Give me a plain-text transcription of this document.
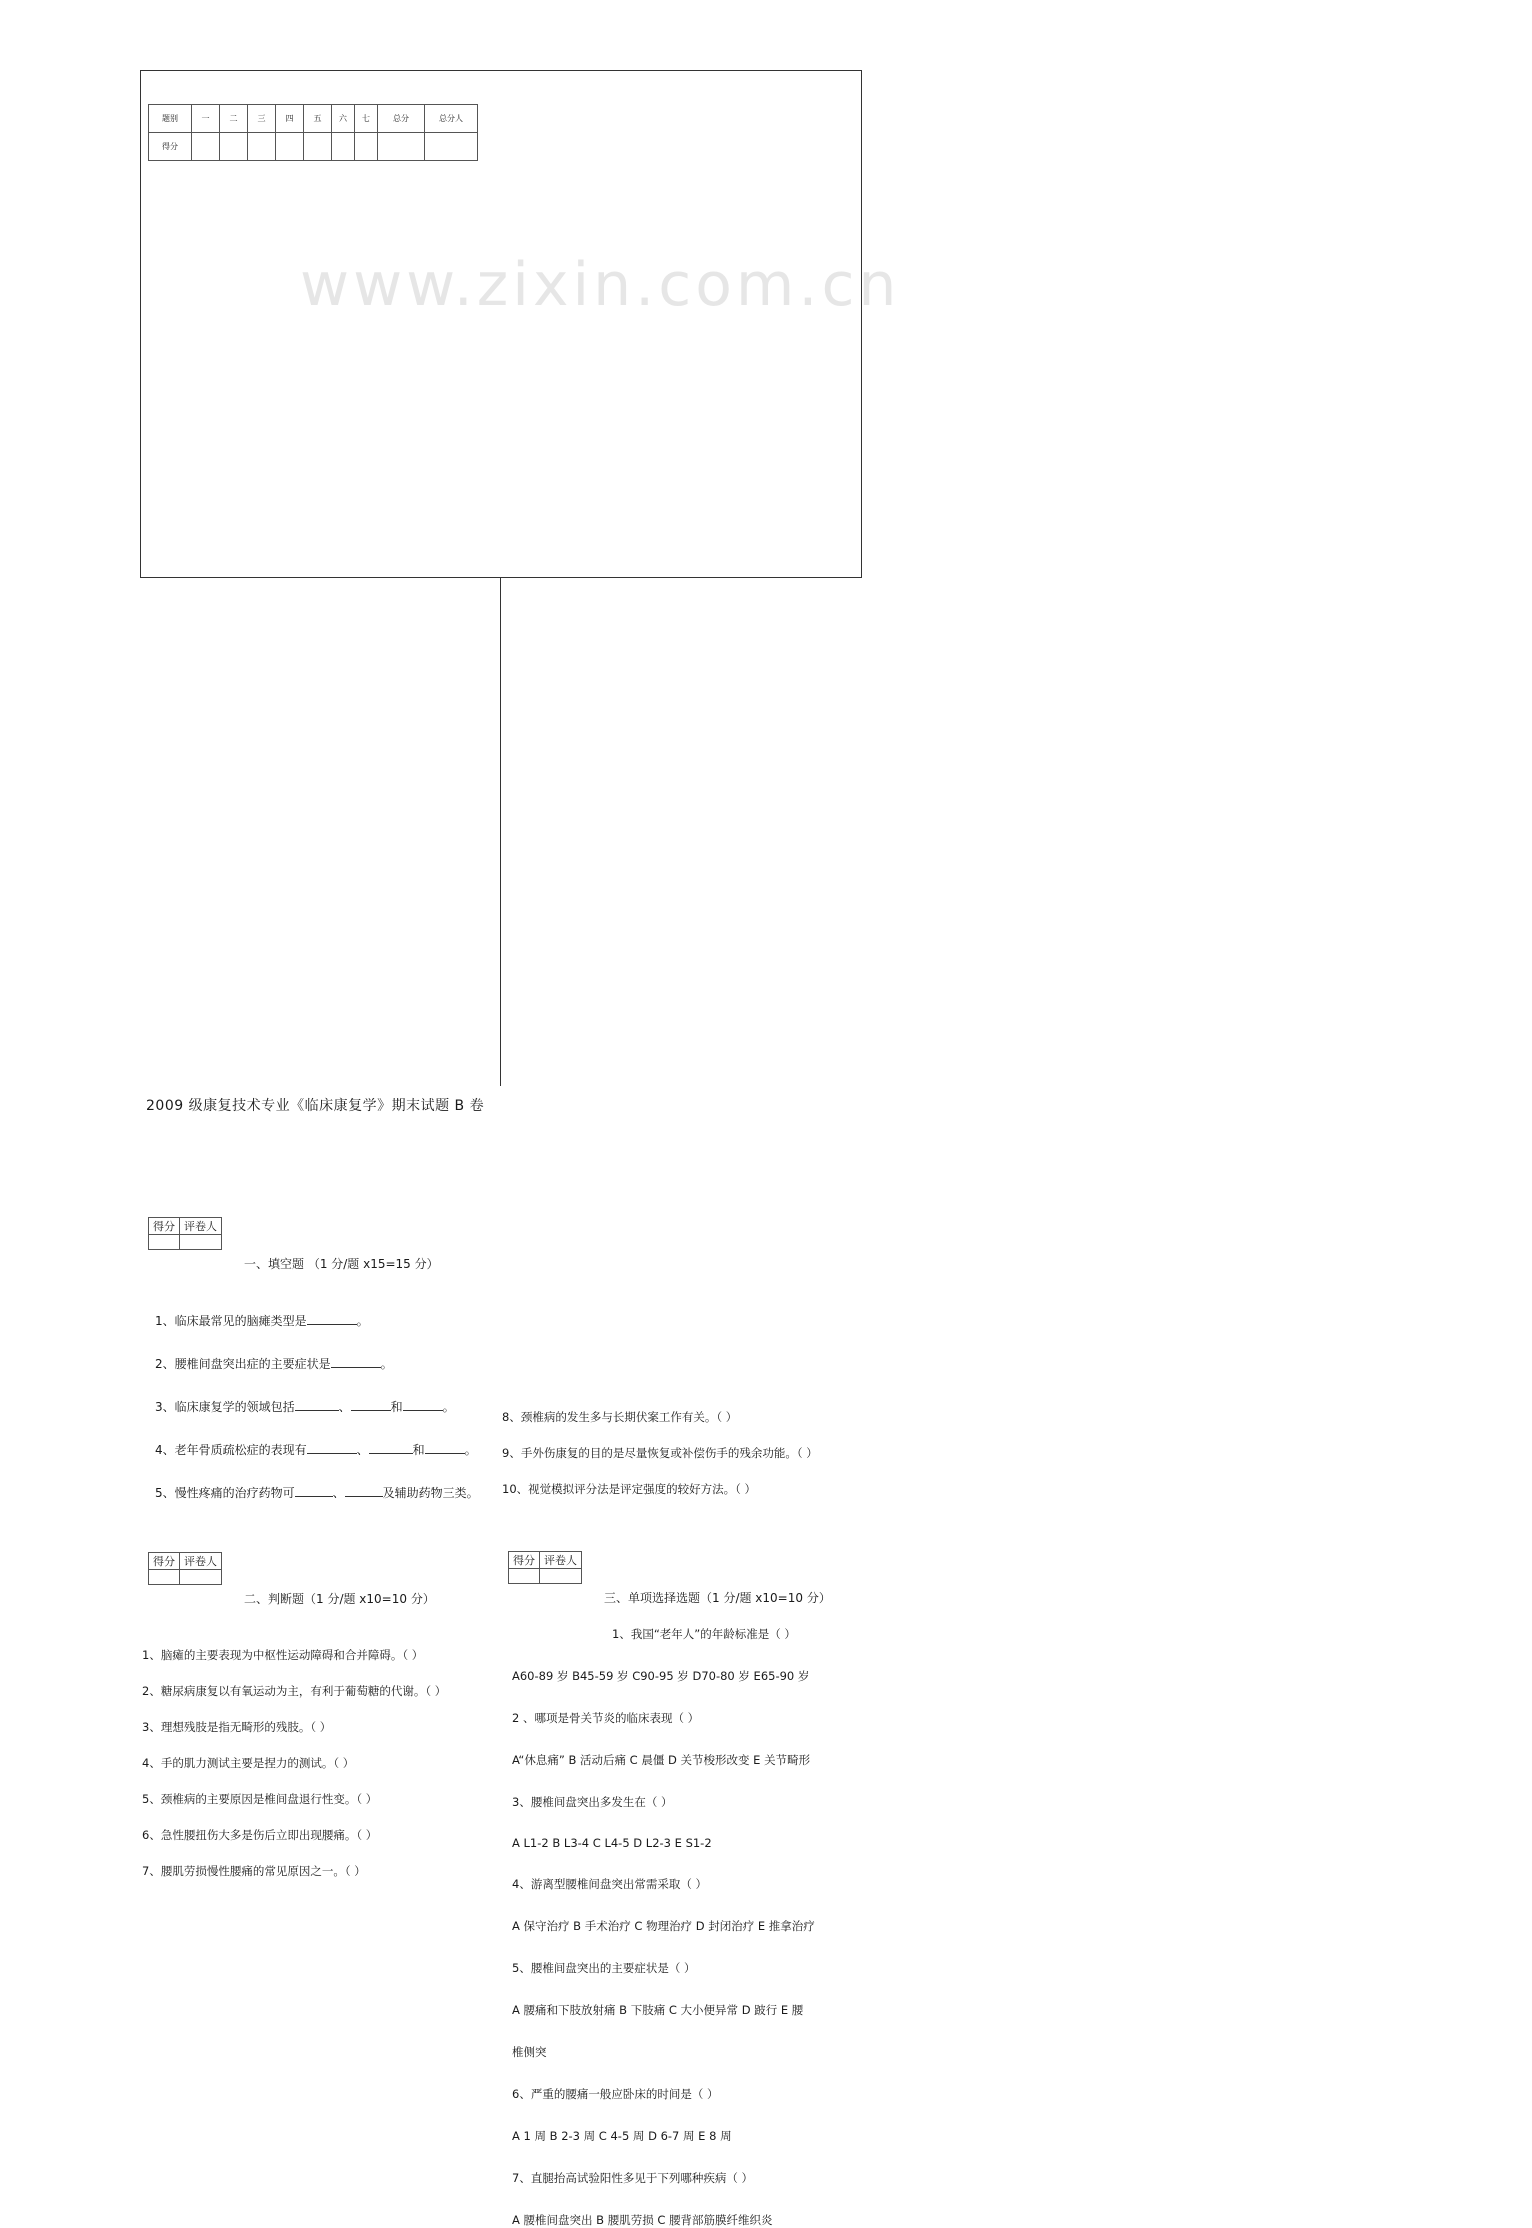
www.zixin.com.cn
2009 级康复技术专业《临床康复学》期末试题 B 卷
题别	一	二	三	四	五	六	七	总分	总分人
得分									
得分	评卷人

一、填空题 （1 分/题 x15=15 分）
1、临床最常见的脑瘫类型是	。
2、腰椎间盘突出症的主要症状是	。
3、临床康复学的领域包括	、	和	。
4、老年骨质疏松症的表现有	、	和	。
5、慢性疼痛的治疗药物可	、	及辅助药物三类。
得分	评卷人

二、判断题（1 分/题 x10=10 分）
1、脑瘫的主要表现为中枢性运动障碍和合并障碍。（ ）
2、糖尿病康复以有氧运动为主，有利于葡萄糖的代谢。（ ）
3、理想残肢是指无畸形的残肢。（ ）
4、手的肌力测试主要是捏力的测试。（ ）
5、颈椎病的主要原因是椎间盘退行性变。（ ）
6、急性腰扭伤大多是伤后立即出现腰痛。（ ）
7、腰肌劳损慢性腰痛的常见原因之一。（ ）
8、颈椎病的发生多与长期伏案工作有关。（ ）
9、手外伤康复的目的是尽量恢复或补偿伤手的残余功能。（ ）
10、视觉模拟评分法是评定强度的较好方法。（ ）
得分	评卷人

三、单项选择选题（1 分/题 x10=10 分）
1、我国“老年人”的年龄标准是（ ）
A60-89 岁 B45-59 岁 C90-95 岁 D70-80 岁 E65-90 岁
2 、哪项是骨关节炎的临床表现（ ）
A“休息痛” B 活动后痛 C 晨僵 D 关节梭形改变 E 关节畸形
3、腰椎间盘突出多发生在（ ）
A L1-2 B L3-4 C L4-5 D L2-3 E S1-2
4、游离型腰椎间盘突出常需采取（ ）
A 保守治疗 B 手术治疗 C 物理治疗 D 封闭治疗 E 推拿治疗
5、腰椎间盘突出的主要症状是（ ）
A 腰痛和下肢放射痛 B 下肢痛 C 大小便异常 D 跛行 E 腰
椎侧突
6、严重的腰痛一般应卧床的时间是（ ）
A 1 周 B 2-3 周 C 4-5 周 D 6-7 周 E 8 周
7、直腿抬高试验阳性多见于下列哪种疾病（ ）
A 腰椎间盘突出 B 腰肌劳损 C 腰背部筋膜纤维织炎
